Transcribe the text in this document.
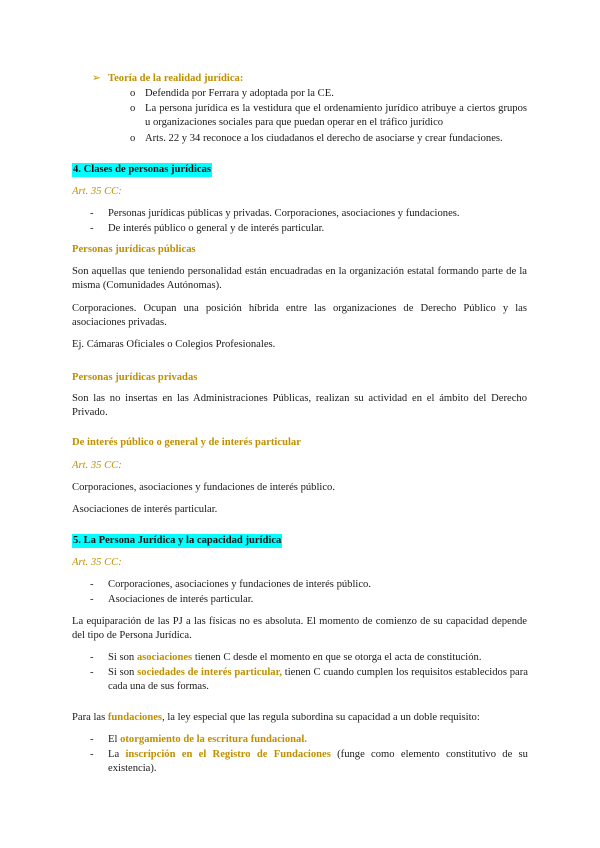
➢ Teoría de la realidad jurídica:
o Defendida por Ferrara y adoptada por la CE.
o La persona jurídica es la vestidura que el ordenamiento jurídico atribuye a ciertos grupos u organizaciones sociales para que puedan operar en el tráfico jurídico
o Arts. 22 y 34 reconoce a los ciudadanos el derecho de asociarse y crear fundaciones.
4. Clases de personas jurídicas
Art. 35 CC:
- Personas jurídicas públicas y privadas. Corporaciones, asociaciones y fundaciones.
- De interés público o general y de interés particular.
Personas jurídicas públicas
Son aquellas que teniendo personalidad están encuadradas en la organización estatal formando parte de la misma (Comunidades Autónomas).
Corporaciones. Ocupan una posición híbrida entre las organizaciones de Derecho Público y las asociaciones privadas.
Ej. Cámaras Oficiales o Colegios Profesionales.
Personas jurídicas privadas
Son las no insertas en las Administraciones Públicas, realizan su actividad en el ámbito del Derecho Privado.
De interés público o general y de interés particular
Art. 35 CC:
Corporaciones, asociaciones y fundaciones de interés público.
Asociaciones de interés particular.
5. La Persona Jurídica y la capacidad jurídica
Art. 35 CC:
- Corporaciones, asociaciones y fundaciones de interés público.
- Asociaciones de interés particular.
La equiparación de las PJ a las físicas no es absoluta. El momento de comienzo de su capacidad depende del tipo de Persona Jurídica.
- Si son asociaciones tienen C desde el momento en que se otorga el acta de constitución.
- Si son sociedades de interés particular, tienen C cuando cumplen los requisitos establecidos para cada una de sus formas.
Para las fundaciones, la ley especial que las regula subordina su capacidad a un doble requisito:
- El otorgamiento de la escritura fundacional.
- La inscripción en el Registro de Fundaciones (funge como elemento constitutivo de su existencia).
